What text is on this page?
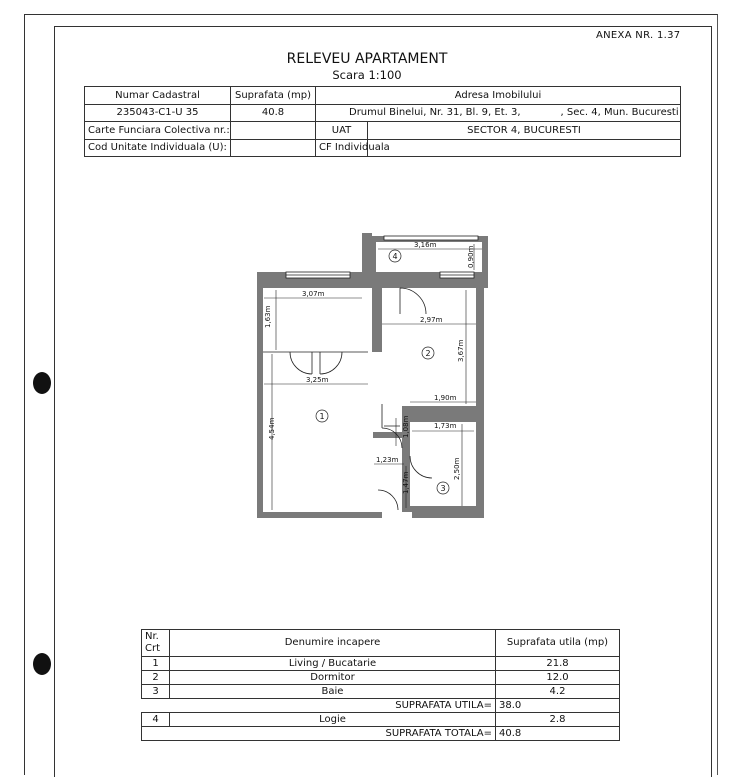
ANEXA NR. 1.37
RELEVEU APARTAMENT
Scara 1:100
Numar Cadastral	Suprafata (mp)	Adresa Imobilului	
235043-C1-U 35	40.8	Drumul Binelui, Nr. 31, Bl. 9, Et. 3, , Sec. 4, Mun. Bucuresti	
Carte Funciara Colectiva nr.:		UAT	SECTOR 4, BUCURESTI
Cod Unitate Individuala (U):		CF Individuala	
3,07m
1,63m
3,25m
4,54m
3,16m
0,90m
2,97m
3,67m
1,90m
1,73m
2,50m
1,23m
1,08m
1,47m
1
2
3
4
Nr.
Crt	Denumire incapere	Suprafata utila (mp)
1	Living / Bucatarie	21.8
2	Dormitor	12.0
3	Baie	4.2
	SUPRAFATA UTILA=	38.0
4	Logie	2.8
	SUPRAFATA TOTALA=	40.8
